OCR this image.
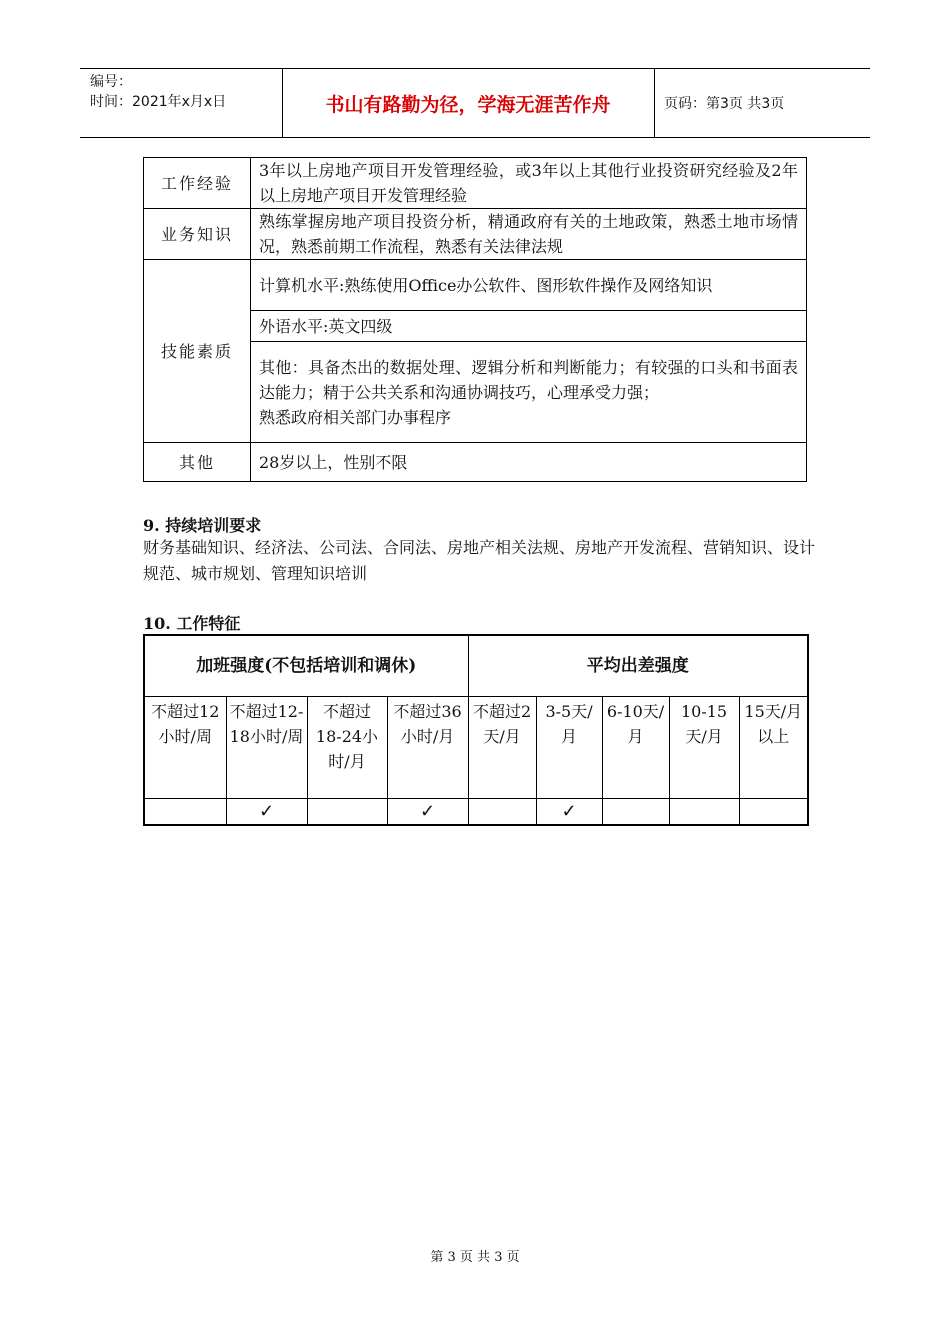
编号：
时间：2021年x月x日	书山有路勤为径，学海无涯苦作舟	页码：第3页 共3页
工作经验	3年以上房地产项目开发管理经验，或3年以上其他行业投资研究经验及2年以上房地产项目开发管理经验
业务知识	熟练掌握房地产项目投资分析，精通政府有关的土地政策，熟悉土地市场情况，熟悉前期工作流程，熟悉有关法律法规
技能素质	计算机水平:熟练使用Office办公软件、图形软件操作及网络知识
	外语水平:英文四级

	其他：具备杰出的数据处理、逻辑分析和判断能力；有较强的口头和书面表达能力；精于公共关系和沟通协调技巧，心理承受力强；
熟悉政府相关部门办事程序

其他	28岁以上，性别不限
9. 持续培训要求
财务基础知识、经济法、公司法、合同法、房地产相关法规、房地产开发流程、营销知识、设计规范、城市规划、管理知识培训
10. 工作特征
加班强度(不包括培训和调休)				平均出差强度				
不超过12小时/周	不超过12-18小时/周	不超过18-24小时/月	不超过36小时/月	不超过2天/月	3-5天/月	6-10天/月	10-15天/月	15天/月以上
	✓		✓		✓			
第 3 页 共 3 页
